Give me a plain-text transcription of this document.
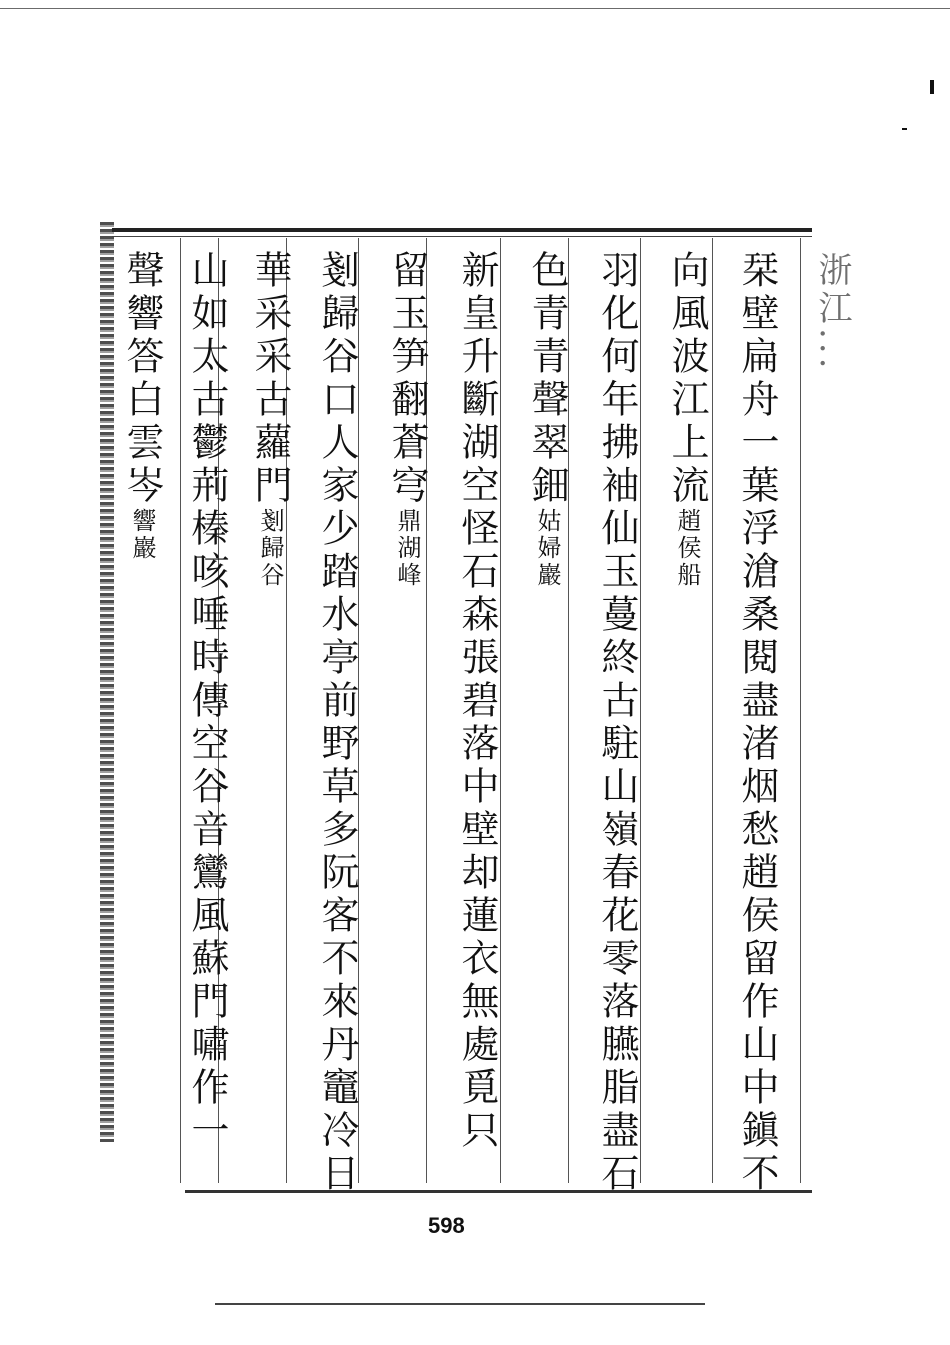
浙江...
栞壁扁舟一葉浮滄桑閱盡渚烟愁趙侯留作山中鎭不
向風波江上流趙侯船
羽化何年拂袖仙玉蔓終古駐山嶺春花零落臙脂盡石
色青青聲翠鈿姑婦巖
新皇升斷湖空怪石森張碧落中壁却蓮衣無處覓只
留玉笋翻蒼穹鼎湖峰
剗歸谷口人家少踏水亭前野草多阮客不來丹竈冷日
華采采古蘿門剗歸谷
山如太古鬱荊榛咳唾時傳空谷音鸞風蘇門嘯作一
聲響答白雲岑響巖
598
